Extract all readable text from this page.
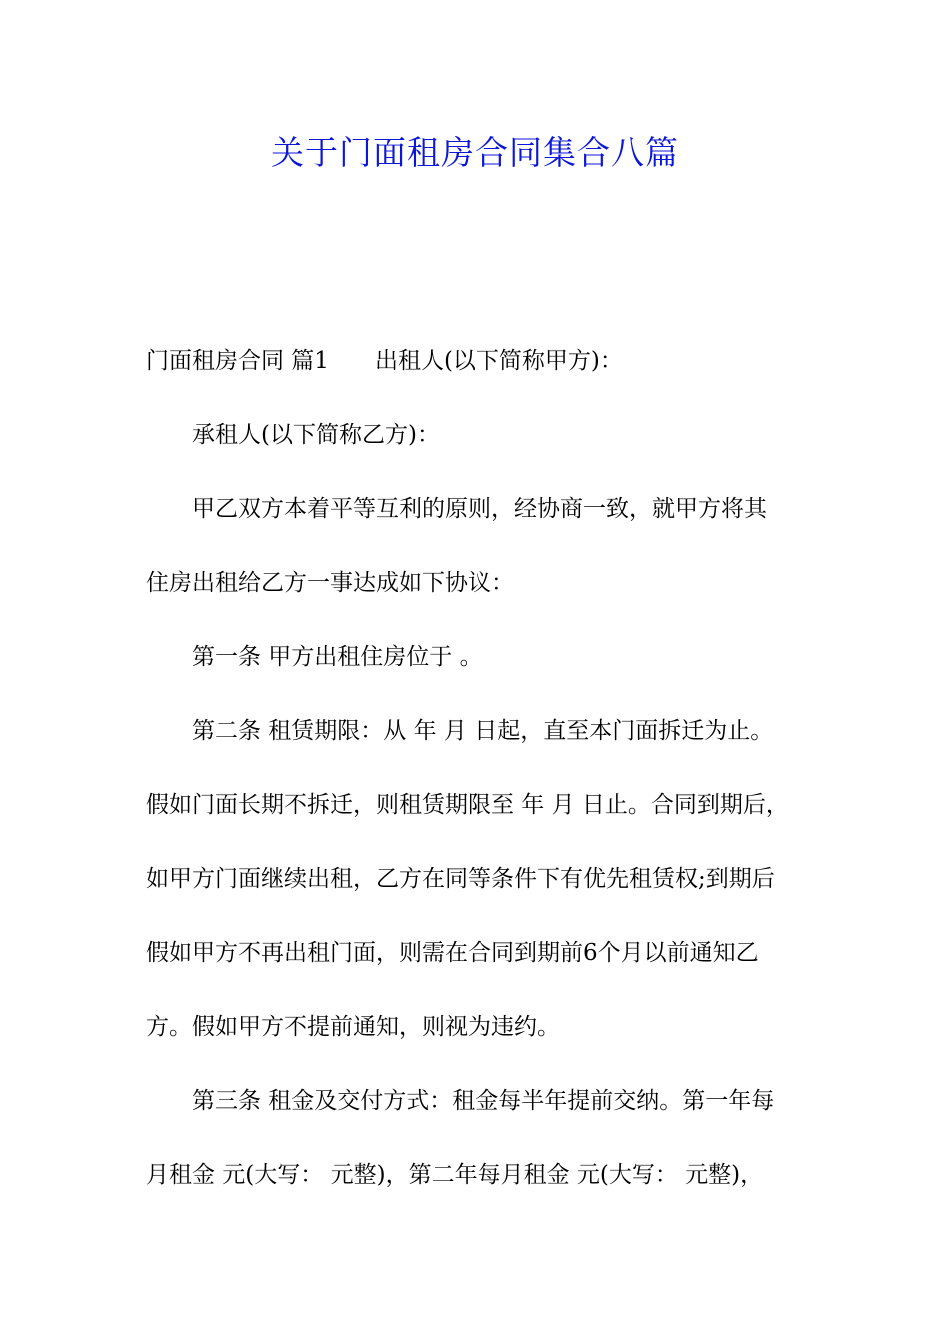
关于门面租房合同集合八篇
门面租房合同 篇1 出租人(以下简称甲方)：
承租人(以下简称乙方)：
甲乙双方本着平等互利的原则，经协商一致，就甲方将其
住房出租给乙方一事达成如下协议：
第一条 甲方出租住房位于 。
第二条 租赁期限：从 年 月 日起，直至本门面拆迁为止。
假如门面长期不拆迁，则租赁期限至 年 月 日止。合同到期后，
如甲方门面继续出租，乙方在同等条件下有优先租赁权;到期后
假如甲方不再出租门面，则需在合同到期前6个月以前通知乙
方。假如甲方不提前通知，则视为违约。
第三条 租金及交付方式：租金每半年提前交纳。第一年每
月租金 元(大写： 元整)，第二年每月租金 元(大写： 元整)，
